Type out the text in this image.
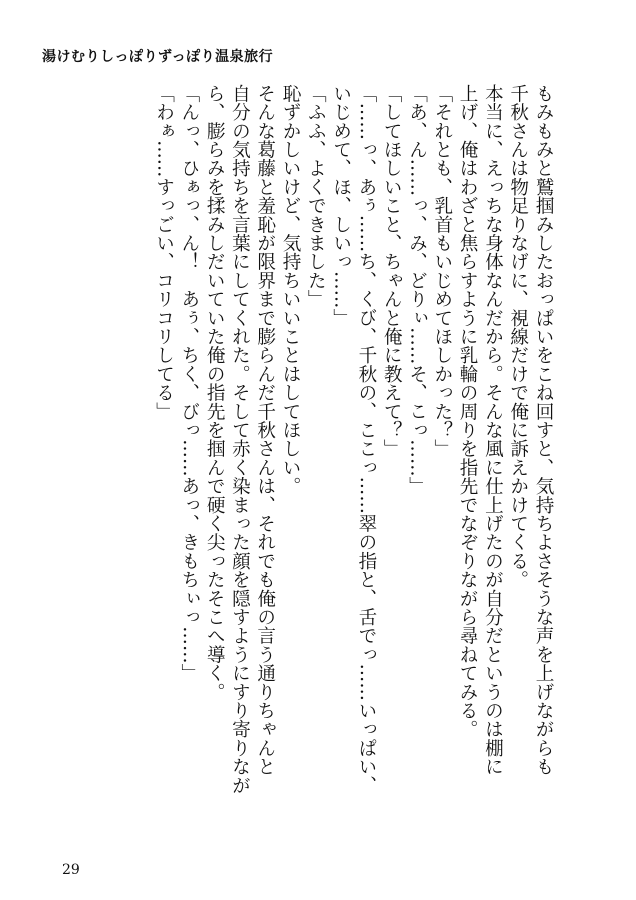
湯けむりしっぽりずっぽり温泉旅行

もみもみと鷲掴みしたおっぱいをこね回すと、気持ちよさそうな声を上げながらも

千秋さんは物足りなげに、視線だけで俺に訴えかけてくる。

本当に、えっちな身体なんだから。そんな風に仕上げたのが自分だというのは棚に

上げ、俺はわざと焦らすように乳輪の周りを指先でなぞりながら尋ねてみる。

「それとも、乳首もいじめてほしかった？」

「あ、ん……っ、み、どりぃ……そ、こっ……」

「してほしいこと、ちゃんと俺に教えて？」

「……っ、あぅ……ち、くび、千秋の、ここっ……翠の指と、舌でっ……いっぱい、

いじめて、ほ、しいっ……」

「ふふ、よくできました」

恥ずかしいけど、気持ちいいことはしてほしい。

そんな葛藤と羞恥が限界まで膨らんだ千秋さんは、それでも俺の言う通りちゃんと

自分の気持ちを言葉にしてくれた。そして赤く染まった顔を隠すようにすり寄りなが

ら、膨らみを揉みしだいていた俺の指先を掴んで硬く尖ったそこへ導く。

「んっ、ひぁっ、ん！　あぅ、ちく、びっ……あっ、きもちぃっ……」

「わぁ……すっごい、コリコリしてる」

29
